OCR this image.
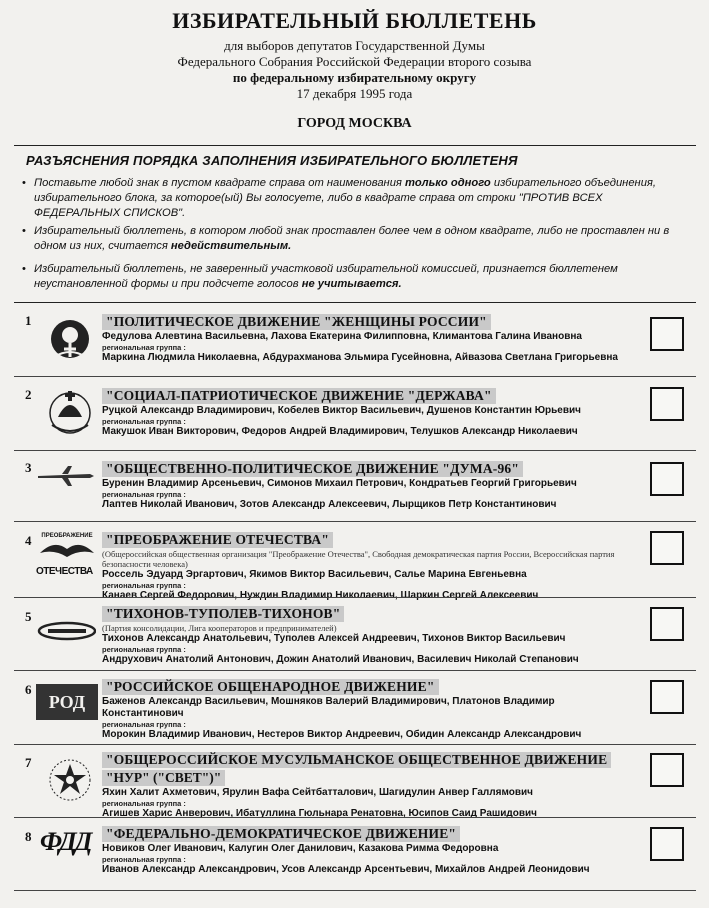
ИЗБИРАТЕЛЬНЫЙ БЮЛЛЕТЕНЬ
для выборов депутатов Государственной Думы
Федерального Собрания Российской Федерации второго созыва
по федеральному избирательному округу
17 декабря 1995 года
ГОРОД МОСКВА
РАЗЪЯСНЕНИЯ ПОРЯДКА ЗАПОЛНЕНИЯ ИЗБИРАТЕЛЬНОГО БЮЛЛЕТЕНЯ
• Поставьте любой знак в пустом квадрате справа от наименования только одного избирательного объединения, избирательного блока, за которое(ый) Вы голосуете, либо в квадрате справа от строки "ПРОТИВ ВСЕХ ФЕДЕРАЛЬНЫХ СПИСКОВ".
• Избирательный бюллетень, в котором любой знак проставлен более чем в одном квадрате, либо не проставлен ни в одном из них, считается недействительным.
• Избирательный бюллетень, не заверенный участковой избирательной комиссией, признается бюллетенем неустановленной формы и при подсчете голосов не учитывается.
1	"ПОЛИТИЧЕСКОЕ ДВИЖЕНИЕ "ЖЕНЩИНЫ РОССИИ"
Федулова Алевтина Васильевна, Лахова Екатерина Филипповна, Климантова Галина Ивановна
региональная группа :
Маркина Людмила Николаевна, Абдурахманова Эльмира Гусейновна, Айвазова Светлана Григорьевна
2	"СОЦИАЛ-ПАТРИОТИЧЕСКОЕ ДВИЖЕНИЕ "ДЕРЖАВА"
Руцкой Александр Владимирович, Кобелев Виктор Васильевич, Душенов Константин Юрьевич
региональная группа :
Макушок Иван Викторович, Федоров Андрей Владимирович, Телушков Александр Николаевич
3	"ОБЩЕСТВЕННО-ПОЛИТИЧЕСКОЕ ДВИЖЕНИЕ "ДУМА-96"
Буренин Владимир Арсеньевич, Симонов Михаил Петрович, Кондратьев Георгий Григорьевич
региональная группа :
Лаптев Николай Иванович, Зотов Александр Алексеевич, Лырщиков Петр Константинович
4	ПРЕОБРАЖЕНИЕ
ОТЕЧЕСТВА
"ПРЕОБРАЖЕНИЕ ОТЕЧЕСТВА"
(Общероссийская общественная организация "Преображение Отечества", Свободная демократическая партия России, Всероссийская партия безопасности человека)
Россель Эдуард Эргартович, Якимов Виктор Васильевич, Салье Марина Евгеньевна
региональная группа :
Канаев Сергей Федорович, Нуждин Владимир Николаевич, Шаркин Сергей Алексеевич
5	"ТИХОНОВ-ТУПОЛЕВ-ТИХОНОВ"
(Партия консолидации, Лига кооператоров и предпринимателей)
Тихонов Александр Анатольевич, Туполев Алексей Андреевич, Тихонов Виктор Васильевич
региональная группа :
Андрухович Анатолий Антонович, Дожин Анатолий Иванович, Василевич Николай Степанович
6
РОД
"РОССИЙСКОЕ ОБЩЕНАРОДНОЕ ДВИЖЕНИЕ"
Баженов Александр Васильевич, Мошняков Валерий Владимирович, Платонов Владимир Константинович
региональная группа :
Морокин Владимир Иванович, Нестеров Виктор Андреевич, Обидин Александр Александрович
7	"ОБЩЕРОССИЙСКОЕ МУСУЛЬМАНСКОЕ ОБЩЕСТВЕННОЕ ДВИЖЕНИЕ
"НУР" ("СВЕТ")"
Яхин Халит Ахметович, Ярулин Вафа Сейтбатталович, Шагидулин Анвер Галлямович
региональная группа :
Агишев Харис Анверович, Ибатуллина Гюльнара Ренатовна, Юсипов Саид Рашидович
8 ФДД	"ФЕДЕРАЛЬНО-ДЕМОКРАТИЧЕСКОЕ ДВИЖЕНИЕ"
Новиков Олег Иванович, Калугин Олег Данилович, Казакова Римма Федоровна
региональная группа :
Иванов Александр Александрович, Усов Александр Арсентьевич, Михайлов Андрей Леонидович
